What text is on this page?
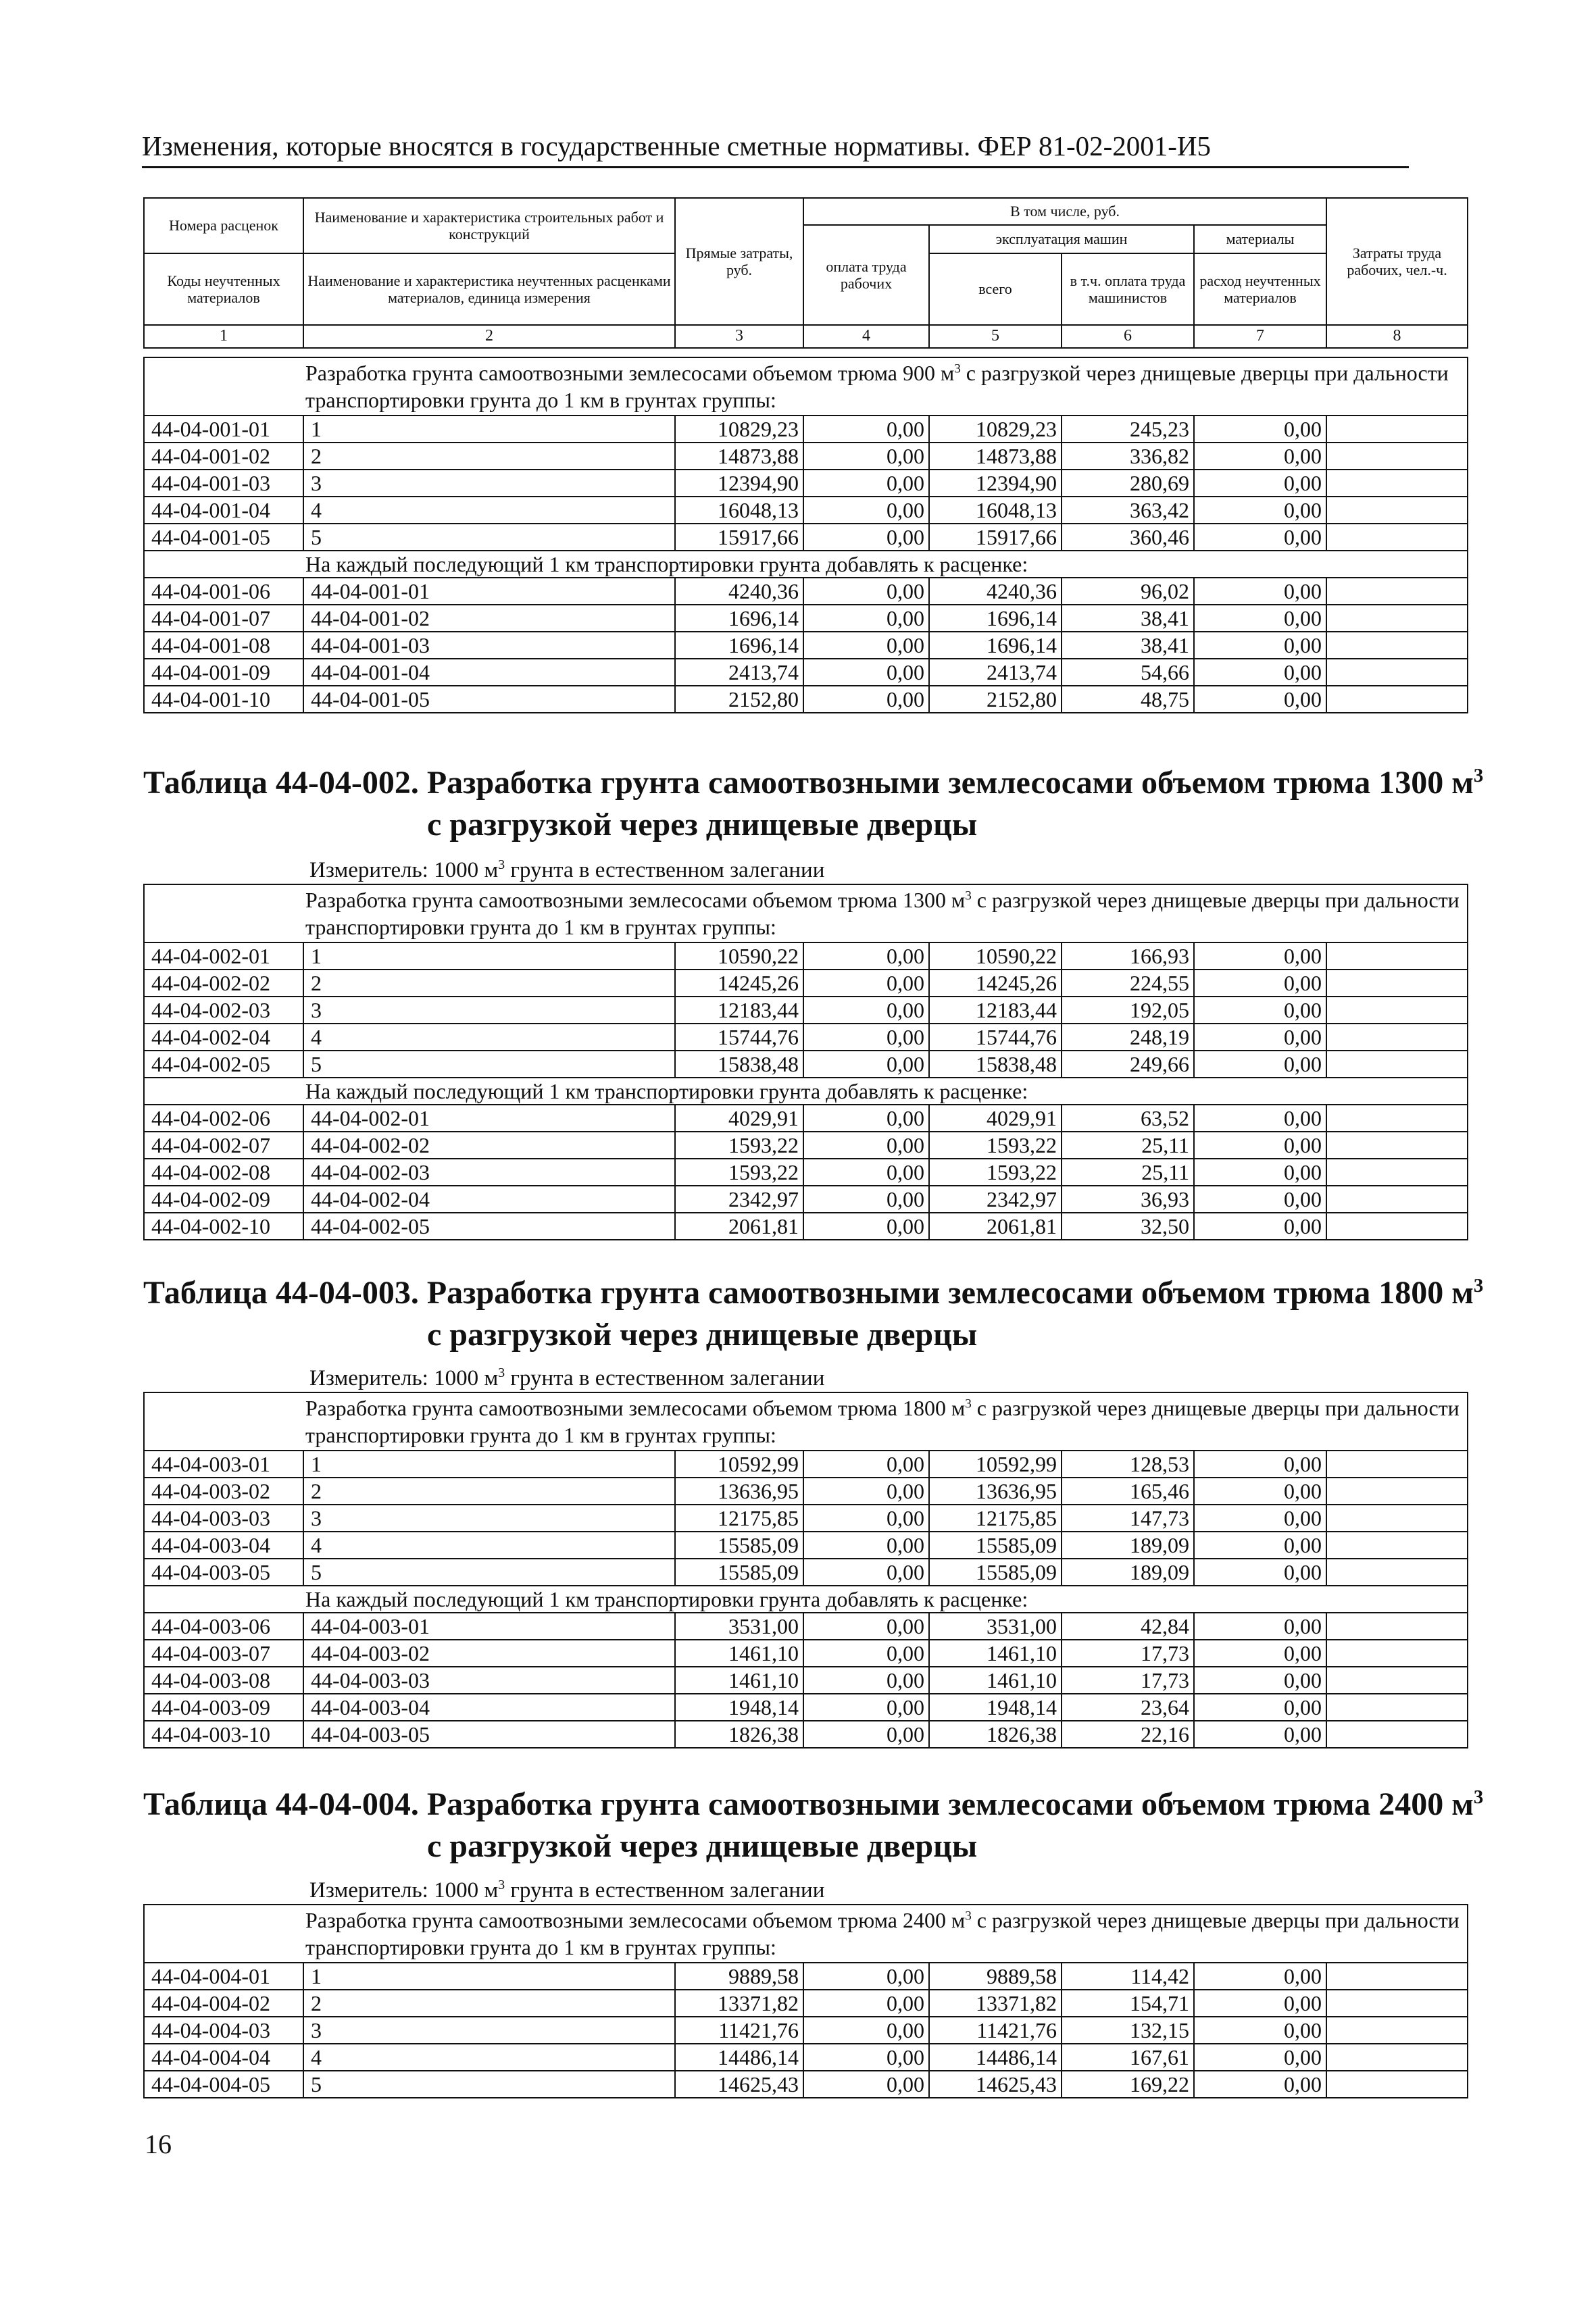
Изменения, которые вносятся в государственные сметные нормативы. ФЕР 81-02-2001-И5
Номера расценок	Наименование и характеристика строительных работ и конструкций	Прямые затраты, руб.	В том числе, руб.				Затраты труда рабочих, чел.-ч.
			оплата труда рабочих	эксплуатация машин		материалы	
Коды неучтенных материалов	Наименование и характеристика неучтенных расценками материалов, единица измерения			всего	в т.ч. оплата труда машинистов	расход неучтенных материалов	

1	2	3	4	5	6	7	8
Разработка грунта самоотвозными землесосами объемом трюма 900 $м^3$ с разгрузкой через днищевые дверцы при дальности транспортировки грунта до 1 км в грунтах группы:							
44-04-001-01	1	10829,23	0,00	10829,23	245,23	0,00	
44-04-001-02	2	14873,88	0,00	14873,88	336,82	0,00	
44-04-001-03	3	12394,90	0,00	12394,90	280,69	0,00	
44-04-001-04	4	16048,13	0,00	16048,13	363,42	0,00	
44-04-001-05	5	15917,66	0,00	15917,66	360,46	0,00	
На каждый последующий 1 км транспортировки грунта добавлять к расценке:							
44-04-001-06	44-04-001-01	4240,36	0,00	4240,36	96,02	0,00	
44-04-001-07	44-04-001-02	1696,14	0,00	1696,14	38,41	0,00	
44-04-001-08	44-04-001-03	1696,14	0,00	1696,14	38,41	0,00	
44-04-001-09	44-04-001-04	2413,74	0,00	2413,74	54,66	0,00	
44-04-001-10	44-04-001-05	2152,80	0,00	2152,80	48,75	0,00	
Таблица 44-04-002. Разработка грунта самоотвозными землесосами объемом трюма 1300 $м^3$
с разгрузкой через днищевые дверцы
Измеритель: 1000 $м^3$ грунта в естественном залегании
Разработка грунта самоотвозными землесосами объемом трюма 1300 $м^3$ с разгрузкой через днищевые дверцы при дальности транспортировки грунта до 1 км в грунтах группы:							
44-04-002-01	1	10590,22	0,00	10590,22	166,93	0,00	
44-04-002-02	2	14245,26	0,00	14245,26	224,55	0,00	
44-04-002-03	3	12183,44	0,00	12183,44	192,05	0,00	
44-04-002-04	4	15744,76	0,00	15744,76	248,19	0,00	
44-04-002-05	5	15838,48	0,00	15838,48	249,66	0,00	
На каждый последующий 1 км транспортировки грунта добавлять к расценке:							
44-04-002-06	44-04-002-01	4029,91	0,00	4029,91	63,52	0,00	
44-04-002-07	44-04-002-02	1593,22	0,00	1593,22	25,11	0,00	
44-04-002-08	44-04-002-03	1593,22	0,00	1593,22	25,11	0,00	
44-04-002-09	44-04-002-04	2342,97	0,00	2342,97	36,93	0,00	
44-04-002-10	44-04-002-05	2061,81	0,00	2061,81	32,50	0,00	
Таблица 44-04-003. Разработка грунта самоотвозными землесосами объемом трюма 1800 $м^3$
с разгрузкой через днищевые дверцы
Измеритель: 1000 $м^3$ грунта в естественном залегании
Разработка грунта самоотвозными землесосами объемом трюма 1800 $м^3$ с разгрузкой через днищевые дверцы при дальности транспортировки грунта до 1 км в грунтах группы:							
44-04-003-01	1	10592,99	0,00	10592,99	128,53	0,00	
44-04-003-02	2	13636,95	0,00	13636,95	165,46	0,00	
44-04-003-03	3	12175,85	0,00	12175,85	147,73	0,00	
44-04-003-04	4	15585,09	0,00	15585,09	189,09	0,00	
44-04-003-05	5	15585,09	0,00	15585,09	189,09	0,00	
На каждый последующий 1 км транспортировки грунта добавлять к расценке:							
44-04-003-06	44-04-003-01	3531,00	0,00	3531,00	42,84	0,00	
44-04-003-07	44-04-003-02	1461,10	0,00	1461,10	17,73	0,00	
44-04-003-08	44-04-003-03	1461,10	0,00	1461,10	17,73	0,00	
44-04-003-09	44-04-003-04	1948,14	0,00	1948,14	23,64	0,00	
44-04-003-10	44-04-003-05	1826,38	0,00	1826,38	22,16	0,00	
Таблица 44-04-004. Разработка грунта самоотвозными землесосами объемом трюма 2400 $м^3$
с разгрузкой через днищевые дверцы
Измеритель: 1000 $м^3$ грунта в естественном залегании
Разработка грунта самоотвозными землесосами объемом трюма 2400 $м^3$ с разгрузкой через днищевые дверцы при дальности транспортировки грунта до 1 км в грунтах группы:							
44-04-004-01	1	9889,58	0,00	9889,58	114,42	0,00	
44-04-004-02	2	13371,82	0,00	13371,82	154,71	0,00	
44-04-004-03	3	11421,76	0,00	11421,76	132,15	0,00	
44-04-004-04	4	14486,14	0,00	14486,14	167,61	0,00	
44-04-004-05	5	14625,43	0,00	14625,43	169,22	0,00	
16
